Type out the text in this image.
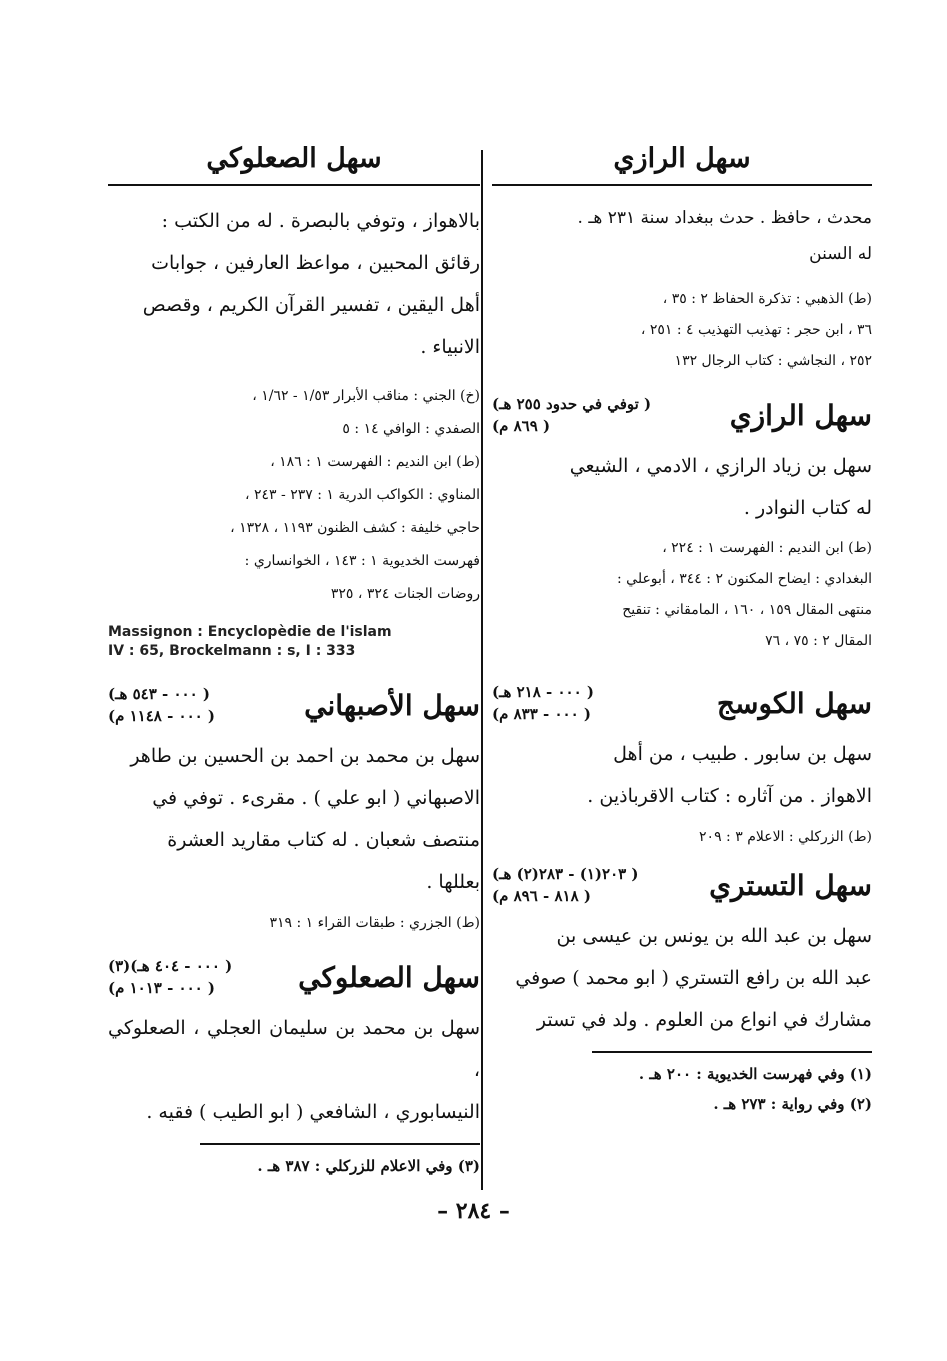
سهل الرازي

محدث ، حافظ . حدث ببغداد سنة ٢٣١ هـ .

له السنن

(ط) الذهبي : تذكرة الحفاظ ٢ : ٣٥ ،

٣٦ ، ابن حجر : تهذيب التهذيب ٤ : ٢٥١ ،

٢٥٢ ، النجاشي : كتاب الرجال ١٣٢

سهل الرازي
( توفي في حدود ٢٥٥ هـ)
( ٨٦٩ م)

سهل بن زياد الرازي ، الادمي ، الشيعي

له كتاب النوادر .

(ط) ابن النديم : الفهرست ١ : ٢٢٤ ،

البغدادي : ايضاح المكنون ٢ : ٣٤٤ ، أبوعلي :

منتهى المقال ١٥٩ ، ١٦٠ ، المامقاني : تنقيح

المقال ٢ : ٧٥ ، ٧٦

سهل الكوسج
( ٠٠٠ - ٢١٨ هـ)
( ٠٠٠ - ٨٣٣ م)

سهل بن سابور . طبيب ، من أهل

الاهواز . من آثاره : كتاب الاقرباذين .

(ط) الزركلي : الاعلام ٣ : ٢٠٩

سهل التستري
( ٢٠٣(١) - ٢٨٣(٢) هـ)
( ٨١٨ - ٨٩٦ م)

سهل بن عبد الله بن يونس بن عيسى بن

عبد الله بن رافع التستري ( ابو محمد ) صوفي

مشارك في انواع من العلوم . ولد في تستر

(١) وفي فهرست الخديوية : ٢٠٠ هـ .

(٢) وفي رواية : ٢٧٣ هـ .

سهل الصعلوكي

بالاهواز ، وتوفي بالبصرة . له من الكتب :

رقائق المحبين ، مواعظ العارفين ، جوابات

أهل اليقين ، تفسير القرآن الكريم ، وقصص

الانبياء .

(خ) الجني : مناقب الأبرار ١/٥٣ - ١/٦٢ ،

الصفدي : الوافي ١٤ : ٥

(ط) ابن النديم : الفهرست ١ : ١٨٦ ،

المناوي : الكواكب الدرية ١ : ٢٣٧ - ٢٤٣ ،

حاجي خليفة : كشف الظنون ١١٩٣ ، ١٣٢٨ ،

فهرست الخديوية ١ : ١٤٣ ، الخوانساري :

روضات الجنات ٣٢٤ ، ٣٢٥

Massignon : Encyclopèdie de l'islam
IV : 65, Brockelmann : s, I : 333
سهل الأصبهاني
( ٠٠٠ - ٥٤٣ هـ)
( ٠٠٠ - ١١٤٨ م)

سهل بن محمد بن احمد بن الحسين بن طاهر

الاصبهاني ( ابو علي ) . مقرىء . توفي في

منتصف شعبان . له كتاب مقاريد العشرة

بعللها .

(ط) الجزري : طبقات القراء ١ : ٣١٩

سهل الصعلوكي
( ٠٠٠ - ٤٠٤ هـ)(٣)
( ٠٠٠ - ١٠١٣ م)

سهل بن محمد بن سليمان العجلي ، الصعلوكي ،

النيسابوري ، الشافعي ( ابو الطيب ) فقيه .

(٣) وفي الاعلام للزركلي : ٣٨٧ هـ .

– ٢٨٤ –
